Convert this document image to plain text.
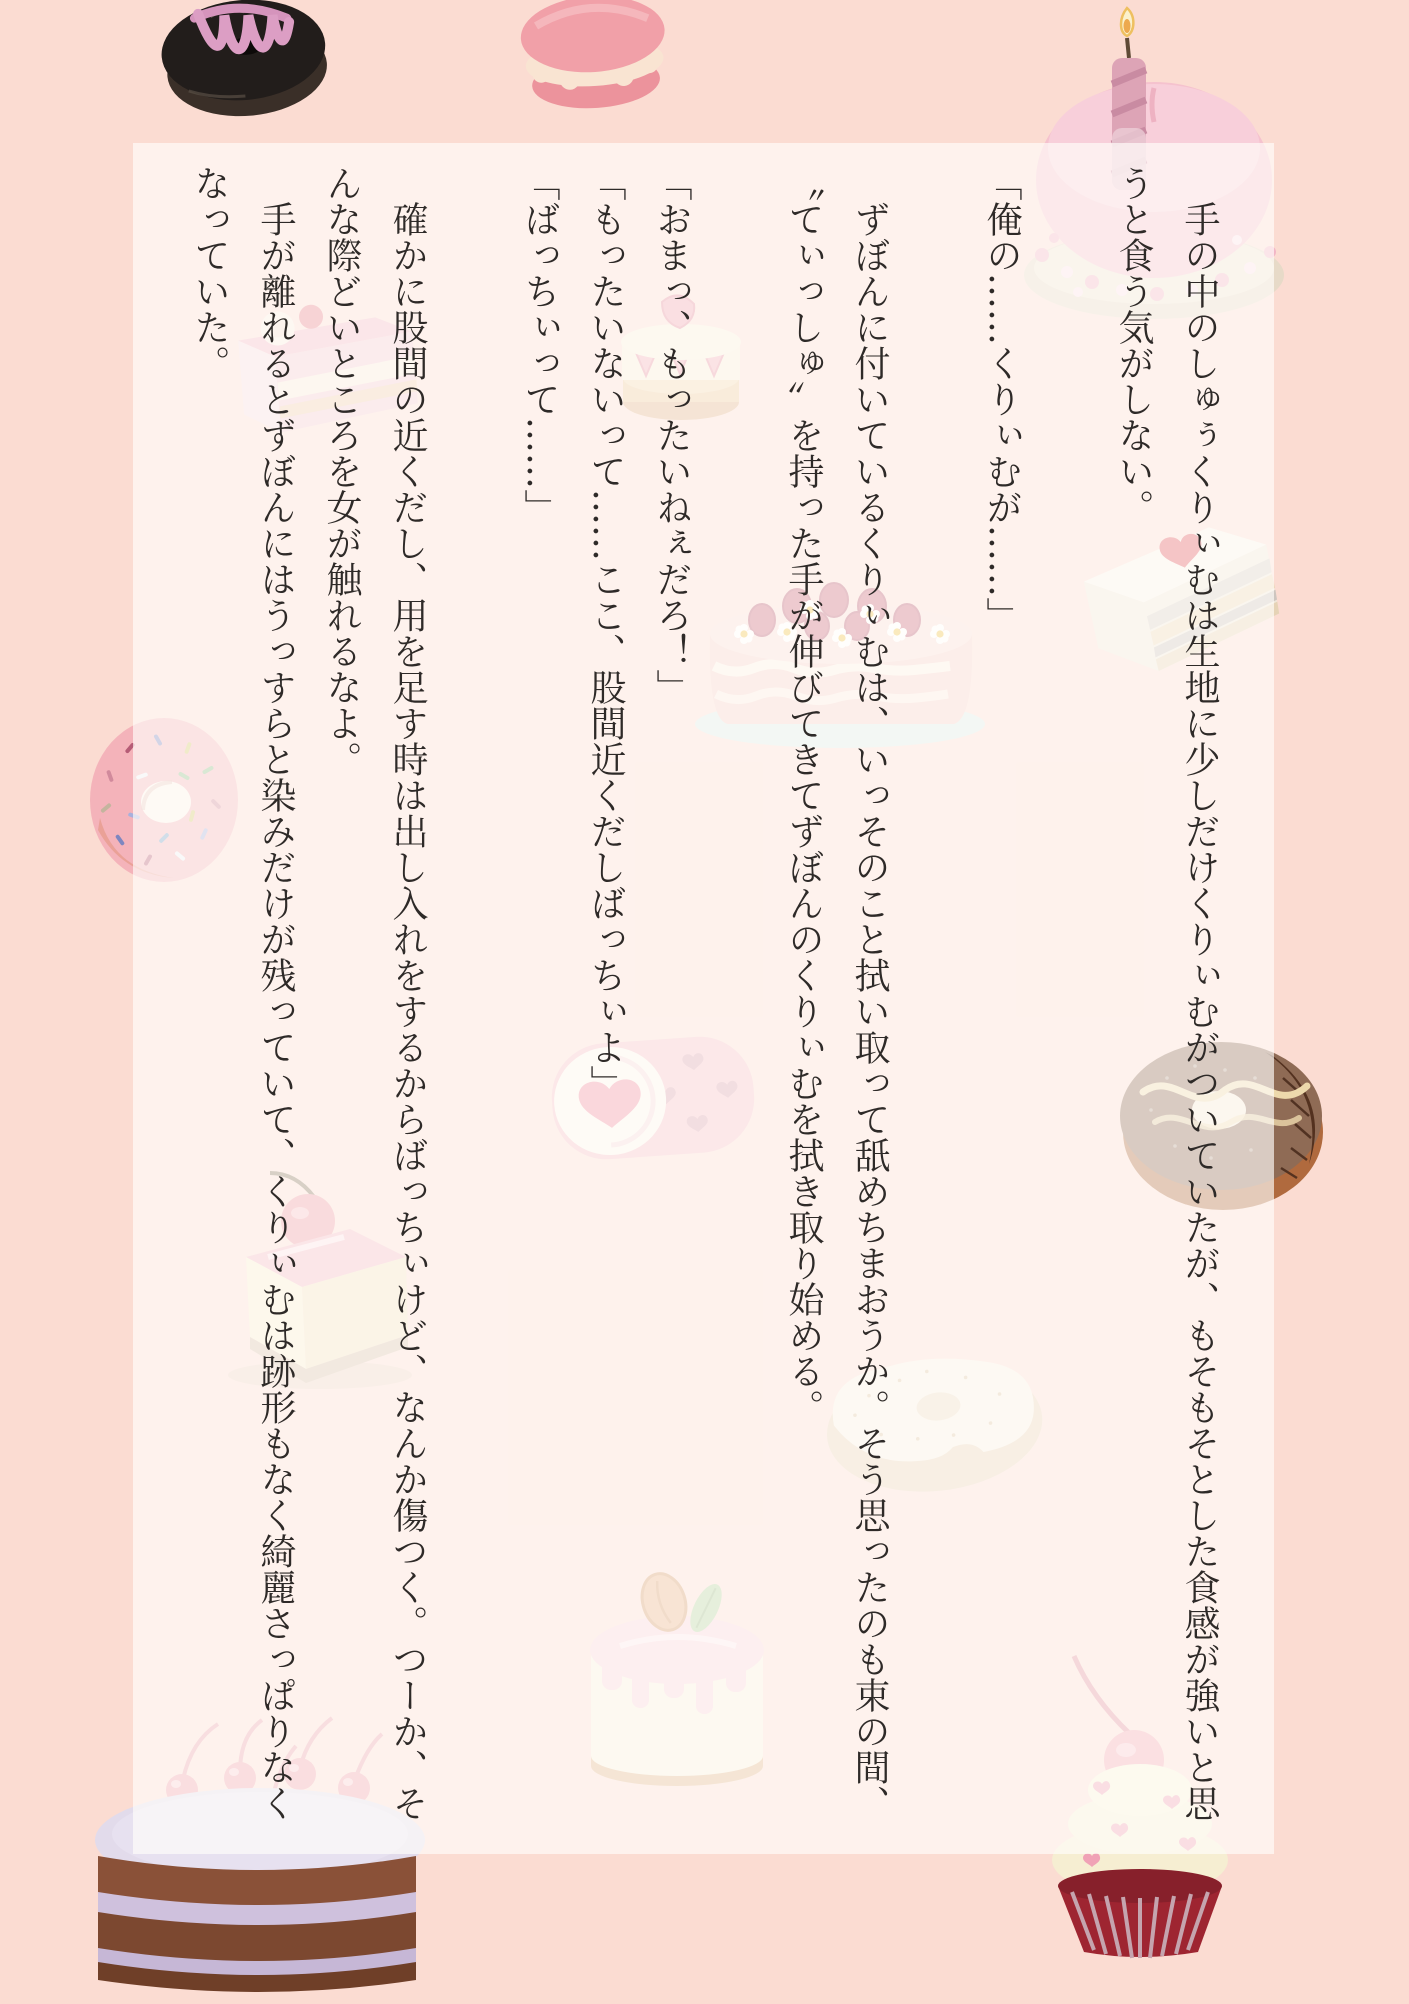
　手の中のしゅぅくりぃむは生地に少しだけくりぃむがついていたが、もそもそとした食感が強いと思うと食う気がしない。

「俺の……くりぃむが……」

　ずぼんに付いているくりぃむは、いっそのこと拭い取って舐めちまおうか。そう思ったのも束の間、〝てぃっしゅ〟を持った手が伸びてきてずぼんのくりぃむを拭き取り始める。

「おまっ、もったいねぇだろ！」

「もったいないって……ここ、股間近くだしばっちぃよ」

「ばっちぃって……」

　確かに股間の近くだし、用を足す時は出し入れをするからばっちぃけど、なんか傷つく。つーか、そんな際どいところを女が触れるなよ。

　手が離れるとずぼんにはうっすらと染みだけが残っていて、くりぃむは跡形もなく綺麗さっぱりなくなっていた。
